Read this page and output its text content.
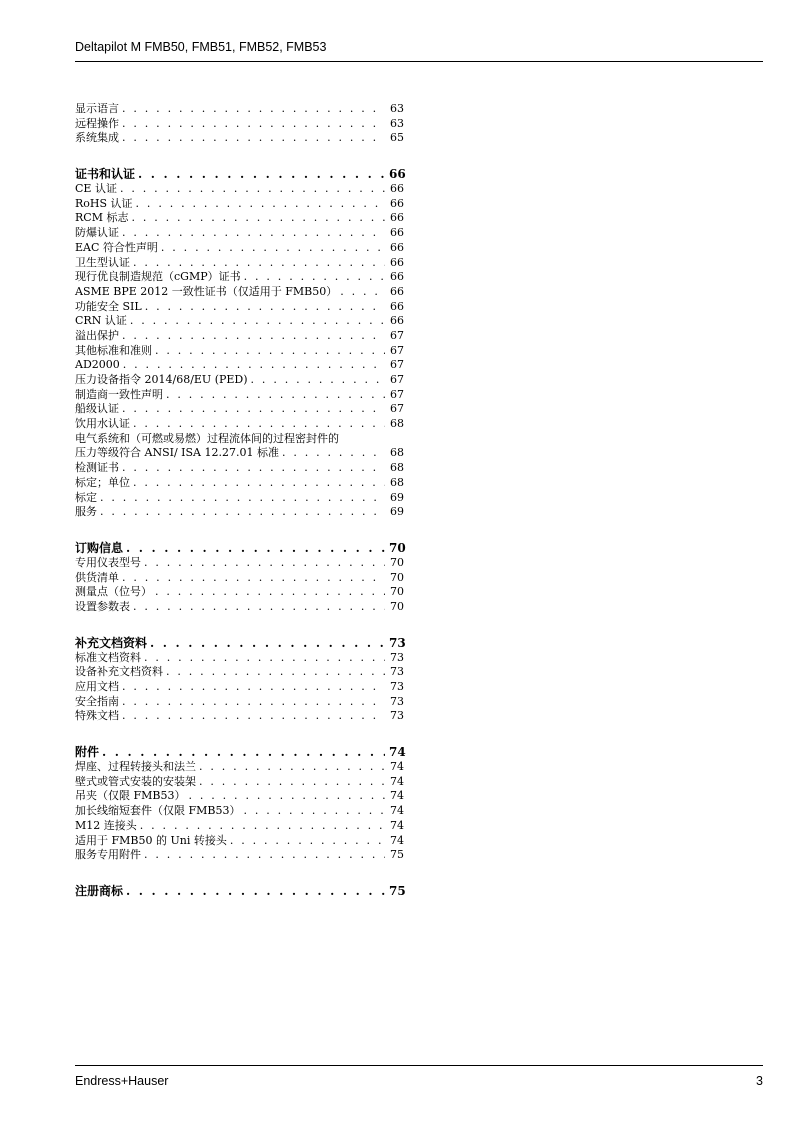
Deltapilot M FMB50, FMB51, FMB52, FMB53
显示语言 . . .	63
远程操作 . . .	63
系统集成 . . .	65
证书和认证 . . .	66
CE 认证 . . .	66
RoHS 认证 . . .	66
RCM 标志 . . .	66
防爆认证 . . .	66
EAC 符合性声明 . . .	66
卫生型认证 . . .	66
现行优良制造规范（cGMP）证书 . . .	66
ASME BPE 2012 一致性证书（仅适用于 FMB50） . . .	66
功能安全 SIL . . .	66
CRN 认证 . . .	66
溢出保护 . . .	67
其他标准和准则 . . .	67
AD2000 . . .	67
压力设备指令 2014/68/EU (PED) . . .	67
制造商一致性声明 . . .	67
船级认证 . . .	67
饮用水认证 . . .	68
电气系统和（可燃或易燃）过程流体间的过程密封件的
压力等级符合 ANSI/ ISA 12.27.01 标准 . . .	68
检测证书 . . .	68
标定；单位 . . .	68
标定 . . .	69
服务 . . .	69
订购信息 . . .	70
专用仪表型号 . . .	70
供货清单 . . .	70
测量点（位号） . . .	70
设置参数表 . . .	70
补充文档资料 . . .	73
标准文档资料 . . .	73
设备补充文档资料 . . .	73
应用文档 . . .	73
安全指南 . . .	73
特殊文档 . . .	73
附件 . . .	74
焊座、过程转接头和法兰 . . .	74
壁式或管式安装的安装架 . . .	74
吊夹（仅限 FMB53） . . .	74
加长线缩短套件（仅限 FMB53） . . .	74
M12 连接头 . . .	74
适用于 FMB50 的 Uni 转接头 . . .	74
服务专用附件 . . .	75
注册商标 . . .	75
Endress+Hauser	3
